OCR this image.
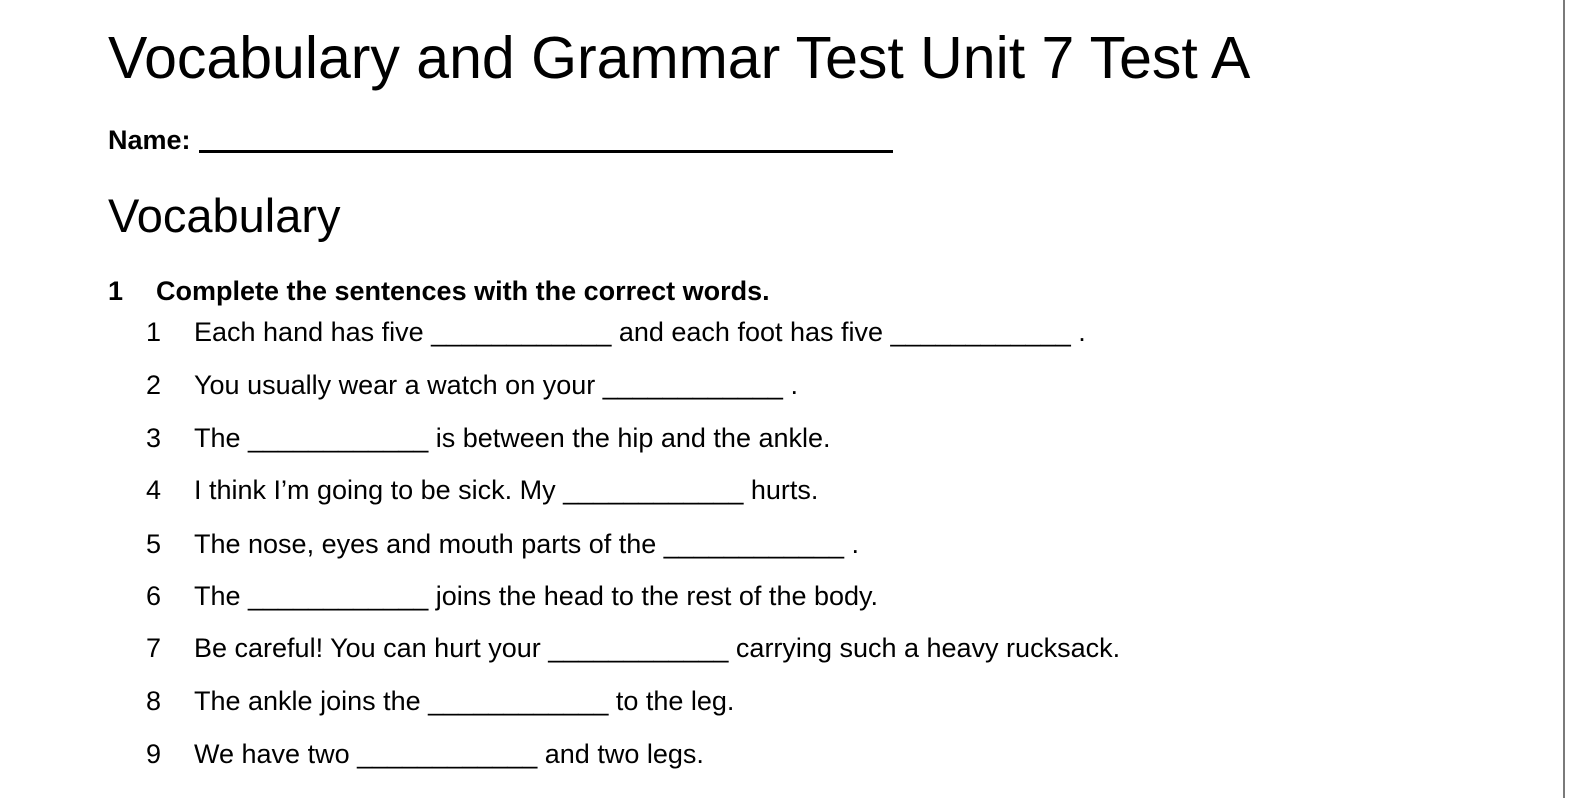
Vocabulary and Grammar Test Unit 7 Test A
Name:
Vocabulary
1 Complete the sentences with the correct words.
1 Each hand has five ____________ and each foot has five ____________ .
2 You usually wear a watch on your ____________ .
3 The ____________ is between the hip and the ankle.
4 I think I’m going to be sick. My ____________ hurts.
5 The nose, eyes and mouth parts of the ____________ .
6 The ____________ joins the head to the rest of the body.
7 Be careful! You can hurt your ____________ carrying such a heavy rucksack.
8 The ankle joins the ____________ to the leg.
9 We have two ____________ and two legs.
